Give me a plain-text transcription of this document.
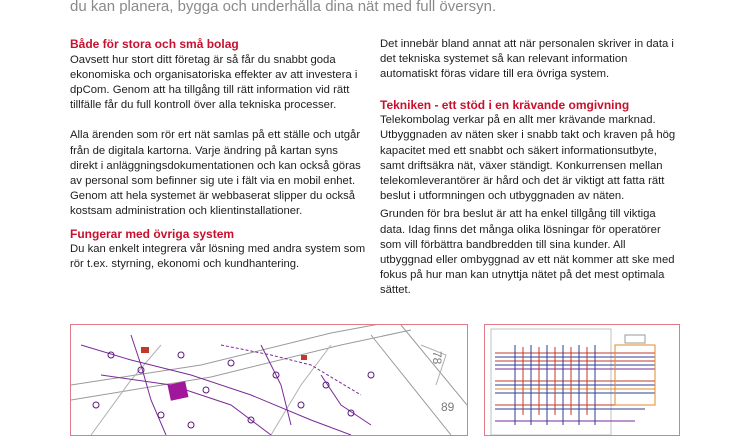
du kan planera, bygga och underhålla dina nät med full översyn.
Både för stora och små bolag

Oavsett hur stort ditt företag är så får du snabbt goda ekonomiska och organisatoriska effekter av att investera i dpCom. Genom att ha tillgång till rätt information vid rätt tillfälle får du full kontroll över alla tekniska processer.

Alla ärenden som rör ert nät samlas på ett ställe och utgår från de digitala kartorna. Varje ändring på kartan syns direkt i anläggningsdokumentationen och kan också göras av personal som befinner sig ute i fält via en mobil enhet. Genom att hela systemet är webbaserat slipper du också kostsam administration och klientinstallationer.

Fungerar med övriga system

Du kan enkelt integrera vår lösning med andra system som rör t.ex. styrning, ekonomi och kundhantering.

Det innebär bland annat att när personalen skriver in data i det tekniska systemet så kan relevant information automatiskt föras vidare till era övriga system.

Tekniken - ett stöd i en krävande omgivning

Telekombolag verkar på en allt mer krävande marknad. Utbyggnaden av näten sker i snabb takt och kraven på hög kapacitet med ett snabbt och säkert informationsutbyte, samt driftsäkra nät, växer ständigt. Konkurrensen mellan telekomleverantörer är hård och det är viktigt att fatta rätt beslut i utformningen och utbyggnaden av näten.

Grunden för bra beslut är att ha enkel tillgång till viktiga data. Idag finns det många olika lösningar för operatörer som vill förbättra bandbredden till sina kunder. All utbyggnad eller ombyggnad av ett nät kommer att ske med fokus på hur man kan utnyttja nätet på det mest optimala sättet.

78
89
